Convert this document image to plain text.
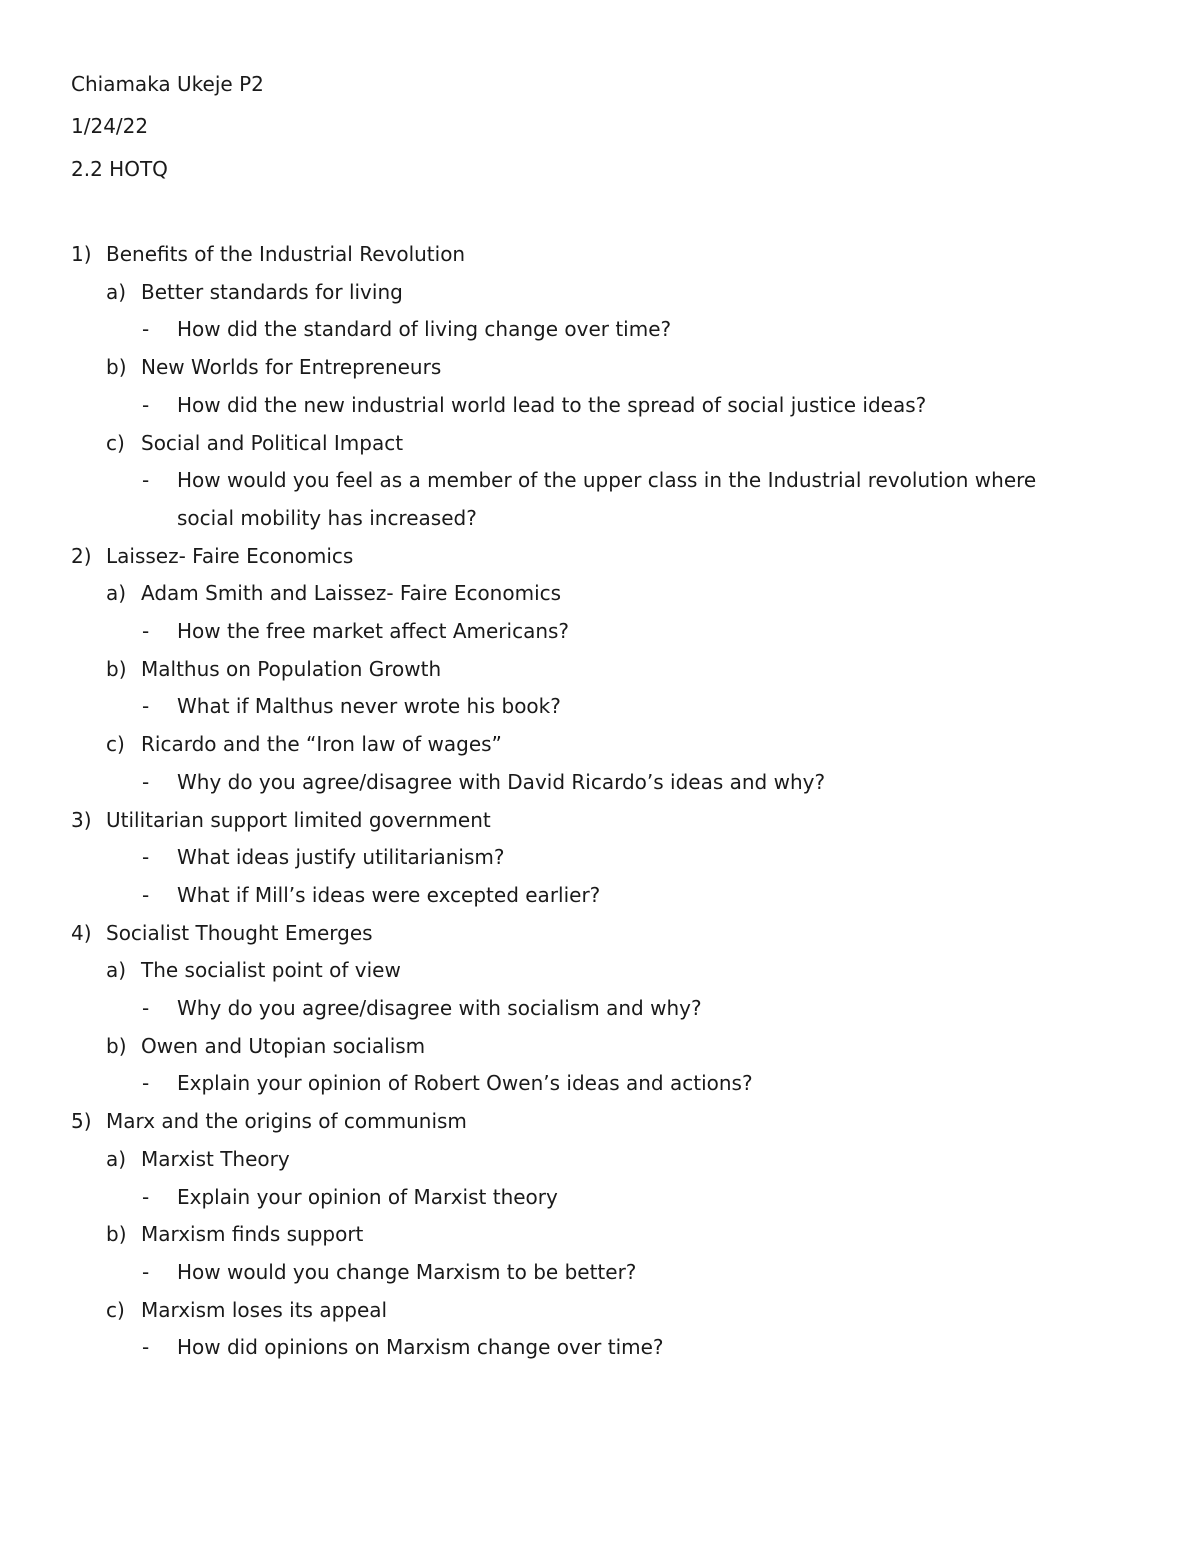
Chiamaka Ukeje P2
1/24/22
2.2 HOTQ
1) Benefits of the Industrial Revolution
a) Better standards for living
- How did the standard of living change over time?
b) New Worlds for Entrepreneurs
- How did the new industrial world lead to the spread of social justice ideas?
c) Social and Political Impact
- How would you feel as a member of the upper class in the Industrial revolution where
social mobility has increased?
2) Laissez- Faire Economics
a) Adam Smith and Laissez- Faire Economics
- How the free market affect Americans?
b) Malthus on Population Growth
- What if Malthus never wrote his book?
c) Ricardo and the “Iron law of wages”
- Why do you agree/disagree with David Ricardo’s ideas and why?
3) Utilitarian support limited government
- What ideas justify utilitarianism?
- What if Mill’s ideas were excepted earlier?
4) Socialist Thought Emerges
a) The socialist point of view
- Why do you agree/disagree with socialism and why?
b) Owen and Utopian socialism
- Explain your opinion of Robert Owen’s ideas and actions?
5) Marx and the origins of communism
a) Marxist Theory
- Explain your opinion of Marxist theory
b) Marxism finds support
- How would you change Marxism to be better?
c) Marxism loses its appeal
- How did opinions on Marxism change over time?
